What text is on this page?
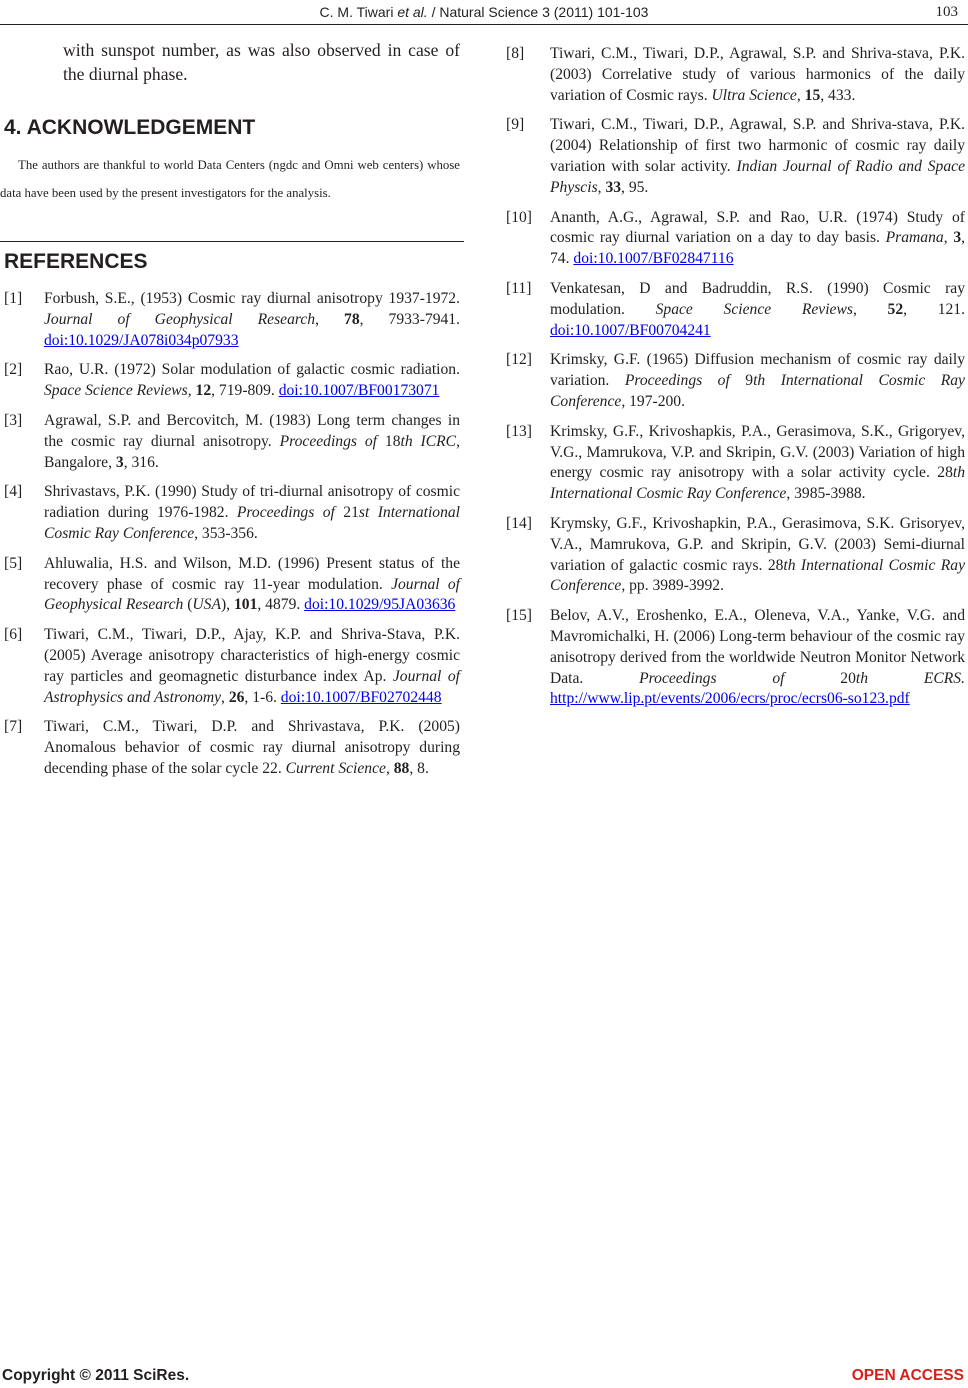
C. M. Tiwari et al. / Natural Science 3 (2011) 101-103	103

with sunspot number, as was also observed in case of the diurnal phase.

4. ACKNOWLEDGEMENT

The authors are thankful to world Data Centers (ngdc and Omni web centers) whose data have been used by the present investigators for the analysis.

REFERENCES
[1]	Forbush, S.E., (1953) Cosmic ray diurnal anisotropy 1937-1972. Journal of Geophysical Research, 78, 7933-7941. doi:10.1029/JA078i034p07933
[2]	Rao, U.R. (1972) Solar modulation of galactic cosmic radiation. Space Science Reviews, 12, 719-809. doi:10.1007/BF00173071
[3]	Agrawal, S.P. and Bercovitch, M. (1983) Long term changes in the cosmic ray diurnal anisotropy. Proceedings of 18th ICRC, Bangalore, 3, 316.
[4]	Shrivastavs, P.K. (1990) Study of tri-diurnal anisotropy of cosmic radiation during 1976-1982. Proceedings of 21st International Cosmic Ray Conference, 353-356.
[5]	Ahluwalia, H.S. and Wilson, M.D. (1996) Present status of the recovery phase of cosmic ray 11-year modulation. Journal of Geophysical Research (USA), 101, 4879. doi:10.1029/95JA03636
[6]	Tiwari, C.M., Tiwari, D.P., Ajay, K.P. and Shriva-Stava, P.K. (2005) Average anisotropy characteristics of high-energy cosmic ray particles and geomagnetic disturbance index Ap. Journal of Astrophysics and Astronomy, 26, 1-6. doi:10.1007/BF02702448
[7]	Tiwari, C.M., Tiwari, D.P. and Shrivastava, P.K. (2005) Anomalous behavior of cosmic ray diurnal anisotropy during decending phase of the solar cycle 22. Current Science, 88, 8.
[8]	Tiwari, C.M., Tiwari, D.P., Agrawal, S.P. and Shriva-stava, P.K. (2003) Correlative study of various harmonics of the daily variation of Cosmic rays. Ultra Science, 15, 433.
[9]	Tiwari, C.M., Tiwari, D.P., Agrawal, S.P. and Shriva-stava, P.K. (2004) Relationship of first two harmonic of cosmic ray daily variation with solar activity. Indian Journal of Radio and Space Physcis, 33, 95.
[10]	Ananth, A.G., Agrawal, S.P. and Rao, U.R. (1974) Study of cosmic ray diurnal variation on a day to day basis. Pramana, 3, 74. doi:10.1007/BF02847116
[11]	Venkatesan, D and Badruddin, R.S. (1990) Cosmic ray modulation. Space Science Reviews, 52, 121. doi:10.1007/BF00704241
[12]	Krimsky, G.F. (1965) Diffusion mechanism of cosmic ray daily variation. Proceedings of 9th International Cosmic Ray Conference, 197-200.
[13]	Krimsky, G.F., Krivoshapkis, P.A., Gerasimova, S.K., Grigoryev, V.G., Mamrukova, V.P. and Skripin, G.V. (2003) Variation of high energy cosmic ray anisotropy with a solar activity cycle. 28th International Cosmic Ray Conference, 3985-3988.
[14]	Krymsky, G.F., Krivoshapkin, P.A., Gerasimova, S.K. Grisoryev, V.A., Mamrukova, G.P. and Skripin, G.V. (2003) Semi-diurnal variation of galactic cosmic rays. 28th International Cosmic Ray Conference, pp. 3989-3992.
[15]	Belov, A.V., Eroshenko, E.A., Oleneva, V.A., Yanke, V.G. and Mavromichalki, H. (2006) Long-term behaviour of the cosmic ray anisotropy derived from the worldwide Neutron Monitor Network Data. Proceedings of 20th ECRS. http://www.lip.pt/events/2006/ecrs/proc/ecrs06-so123.pdf
Copyright © 2011 SciRes.	OPEN ACCESS
